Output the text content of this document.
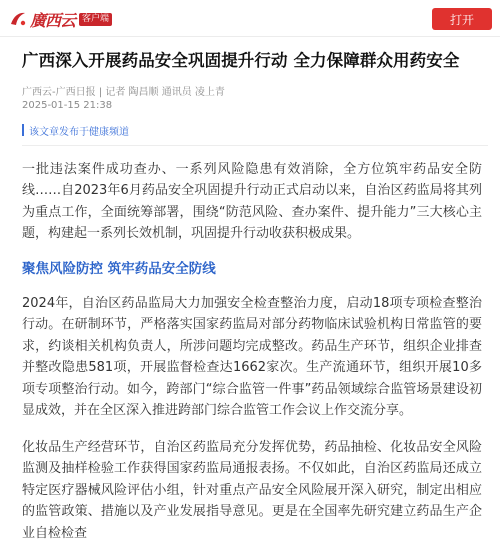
廣西云 客户端	打开
广西深入开展药品安全巩固提升行动 全力保障群众用药安全
广西云-广西日报 | 记者 陶昌顺 通讯员 凌上青
2025-01-15 21:38
该文章发布于健康频道

一批违法案件成功查办、一系列风险隐患有效消除，全方位筑牢药品安全防线……自2023年6月药品安全巩固提升行动正式启动以来，自治区药监局将其列为重点工作，全面统筹部署，围绕“防范风险、查办案件、提升能力”三大核心主题，构建起一系列长效机制，巩固提升行动收获积极成果。

聚焦风险防控 筑牢药品安全防线

2024年，自治区药品监局大力加强安全检查整治力度，启动18项专项检查整治行动。在研制环节，严格落实国家药监局对部分药物临床试验机构日常监管的要求，约谈相关机构负责人，所涉问题均完成整改。药品生产环节，组织企业排查并整改隐患581项，开展监督检查达1662家次。生产流通环节，组织开展10多项专项整治行动。如今，跨部门“综合监管一件事”药品领域综合监管场景建设初显成效，并在全区深入推进跨部门综合监管工作会议上作交流分享。

化妆品生产经营环节，自治区药监局充分发挥优势，药品抽检、化妆品安全风险监测及抽样检验工作获得国家药监局通报表扬。不仅如此，自治区药监局还成立特定医疗器械风险评估小组，针对重点产品安全风险展开深入研究，制定出相应的监管政策、措施以及产业发展指导意见。更是在全国率先研究建立药品生产企业自检检查
